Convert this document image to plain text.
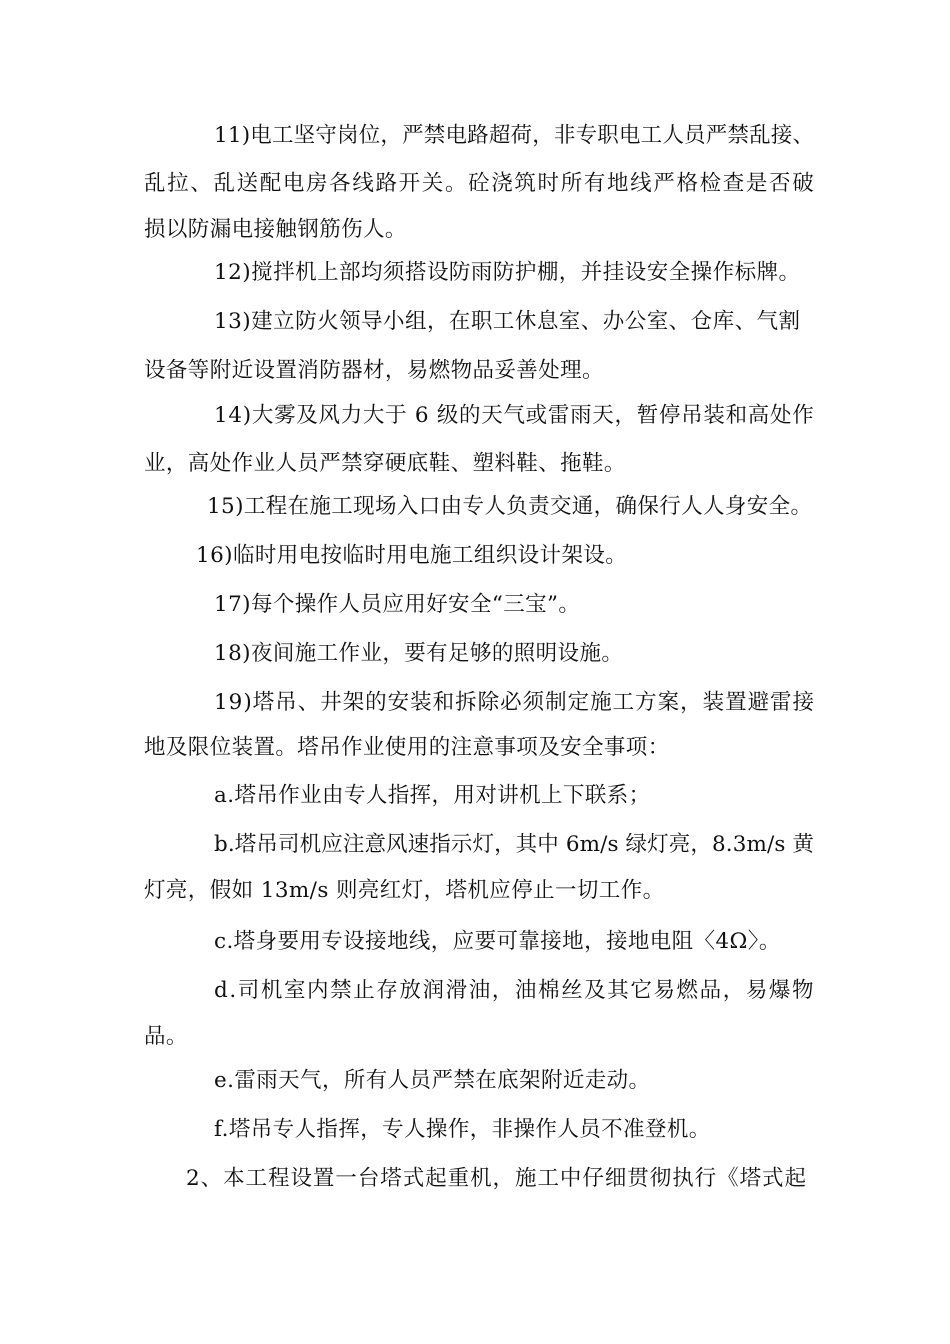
11)电工坚守岗位，严禁电路超荷，非专职电工人员严禁乱接、
乱拉、乱送配电房各线路开关。砼浇筑时所有地线严格检查是否破
损以防漏电接触钢筋伤人。
12)搅拌机上部均须搭设防雨防护棚，并挂设安全操作标牌。
13)建立防火领导小组，在职工休息室、办公室、仓库、气割
设备等附近设置消防器材，易燃物品妥善处理。
14)大雾及风力大于 6 级的天气或雷雨天，暂停吊装和高处作
业，高处作业人员严禁穿硬底鞋、塑料鞋、拖鞋。
15)工程在施工现场入口由专人负责交通，确保行人人身安全。
16)临时用电按临时用电施工组织设计架设。
17)每个操作人员应用好安全“三宝”。
18)夜间施工作业，要有足够的照明设施。
19)塔吊、井架的安装和拆除必须制定施工方案，装置避雷接
地及限位装置。塔吊作业使用的注意事项及安全事项：
a.塔吊作业由专人指挥，用对讲机上下联系；
b.塔吊司机应注意风速指示灯，其中 6m/s 绿灯亮，8.3m/s 黄
灯亮，假如 13m/s 则亮红灯，塔机应停止一切工作。
c.塔身要用专设接地线，应要可靠接地，接地电阻〈4Ω〉。
d.司机室内禁止存放润滑油，油棉丝及其它易燃品，易爆物
品。
e.雷雨天气，所有人员严禁在底架附近走动。
f.塔吊专人指挥，专人操作，非操作人员不准登机。
2、本工程设置一台塔式起重机，施工中仔细贯彻执行《塔式起
